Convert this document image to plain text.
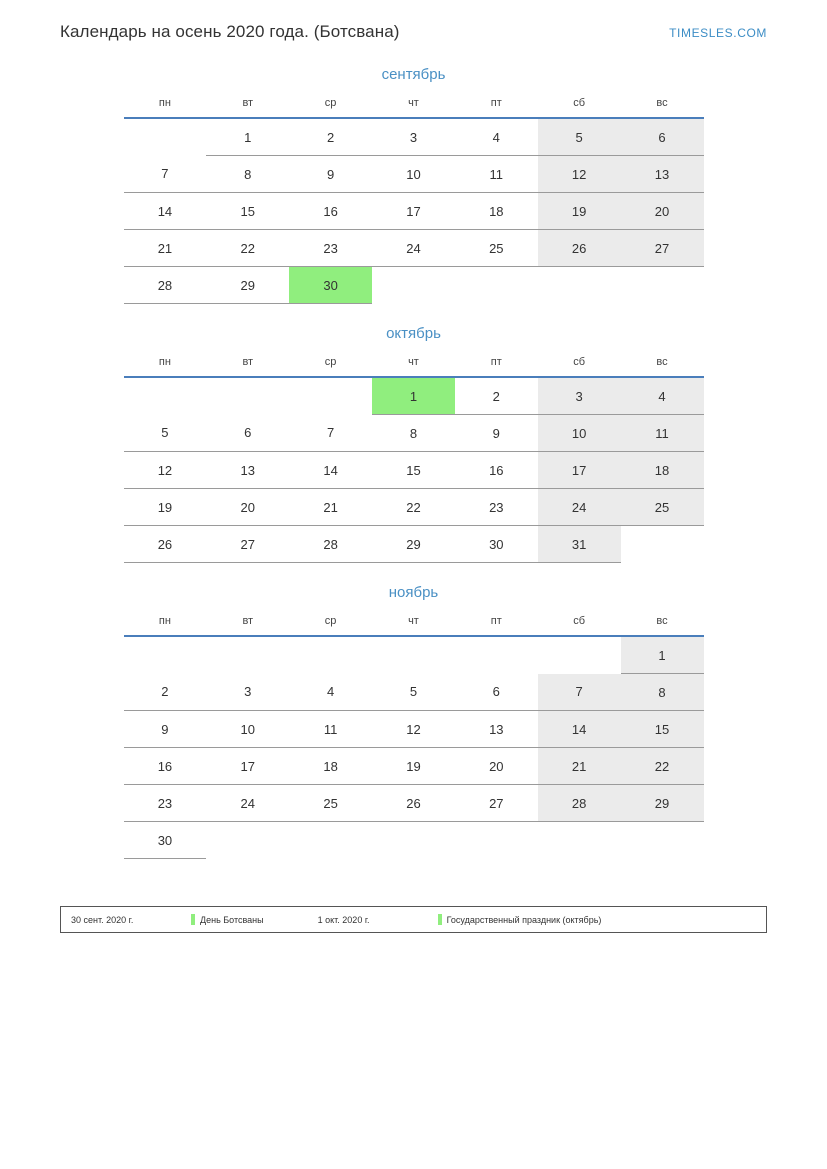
Календарь на осень 2020 года. (Ботсвана)	TIMESLES.COM
сентябрь
пн	вт	ср	чт	пт	сб	вс
	1	2	3	4	5	6
7	8	9	10	11	12	13
14	15	16	17	18	19	20
21	22	23	24	25	26	27
28	29	30				
октябрь
пн	вт	ср	чт	пт	сб	вс
			1	2	3	4
5	6	7	8	9	10	11
12	13	14	15	16	17	18
19	20	21	22	23	24	25
26	27	28	29	30	31	
ноябрь
пн	вт	ср	чт	пт	сб	вс
						1
2	3	4	5	6	7	8
9	10	11	12	13	14	15
16	17	18	19	20	21	22
23	24	25	26	27	28	29
30						
30 сент. 2020 г.	День Ботсваны	1 окт. 2020 г.	Государственный праздник (октябрь)
